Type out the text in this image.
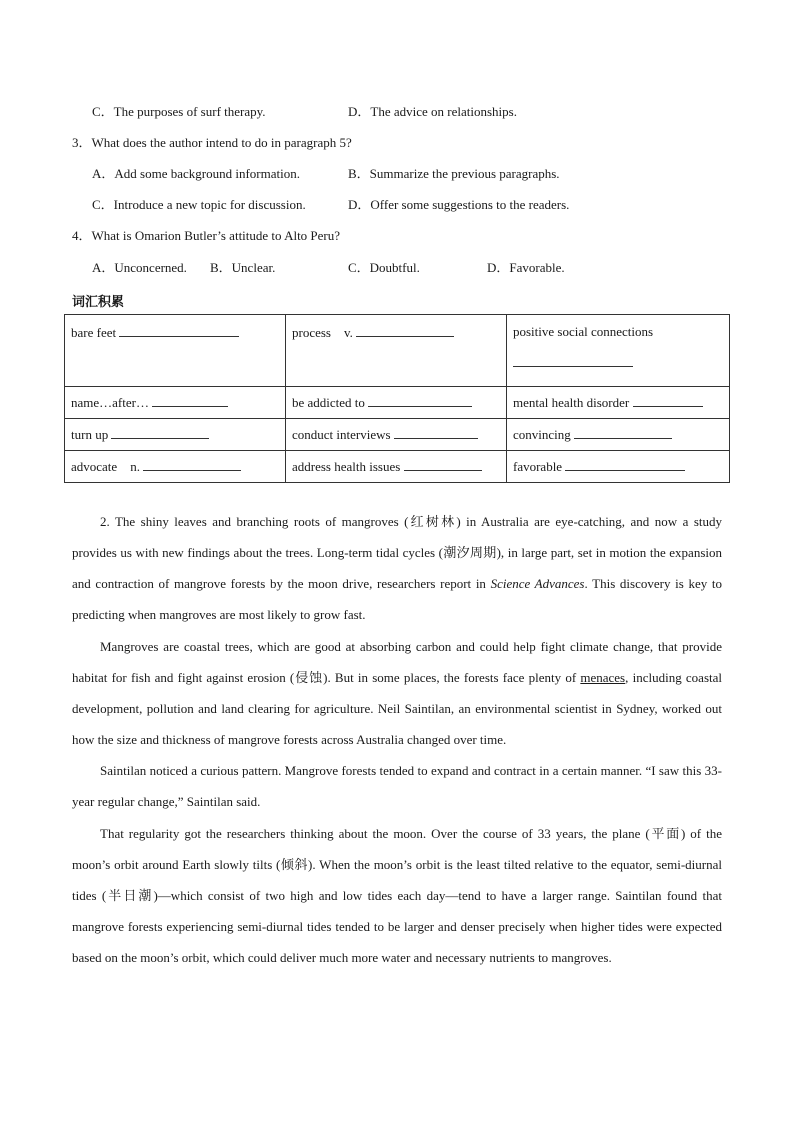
C．The purposes of surf therapy.	D．The advice on relationships.
3．What does the author intend to do in paragraph 5?
A．Add some background information.	B．Summarize the previous paragraphs.
C．Introduce a new topic for discussion.	D．Offer some suggestions to the readers.
4．What is Omarion Butler’s attitude to Alto Peru?
A．Unconcerned. B．Unclear.	C．Doubtful.	D．Favorable.
词汇积累
bare feet	process    v.	positive social connections

name…after…	be addicted to	mental health disorder
turn up	conduct interviews	convincing
advocate    n.	address health issues	favorable
2. The shiny leaves and branching roots of mangroves (红树林) in Australia are eye-catching, and now a study provides us with new findings about the trees. Long-term tidal cycles (潮汐周期), in large part, set in motion the expansion and contraction of mangrove forests by the moon drive, researchers report in Science Advances. This discovery is key to predicting when mangroves are most likely to grow fast.
Mangroves are coastal trees, which are good at absorbing carbon and could help fight climate change, that provide habitat for fish and fight against erosion (侵蚀). But in some places, the forests face plenty of menaces, including coastal development, pollution and land clearing for agriculture. Neil Saintilan, an environmental scientist in Sydney, worked out how the size and thickness of mangrove forests across Australia changed over time.
Saintilan noticed a curious pattern. Mangrove forests tended to expand and contract in a certain manner. “I saw this 33-year regular change,” Saintilan said.
That regularity got the researchers thinking about the moon. Over the course of 33 years, the plane (平面) of the moon’s orbit around Earth slowly tilts (倾斜). When the moon’s orbit is the least tilted relative to the equator, semi-diurnal tides (半日潮)—which consist of two high and low tides each day—tend to have a larger range. Saintilan found that mangrove forests experiencing semi-diurnal tides tended to be larger and denser precisely when higher tides were expected based on the moon’s orbit, which could deliver much more water and necessary nutrients to mangroves.
